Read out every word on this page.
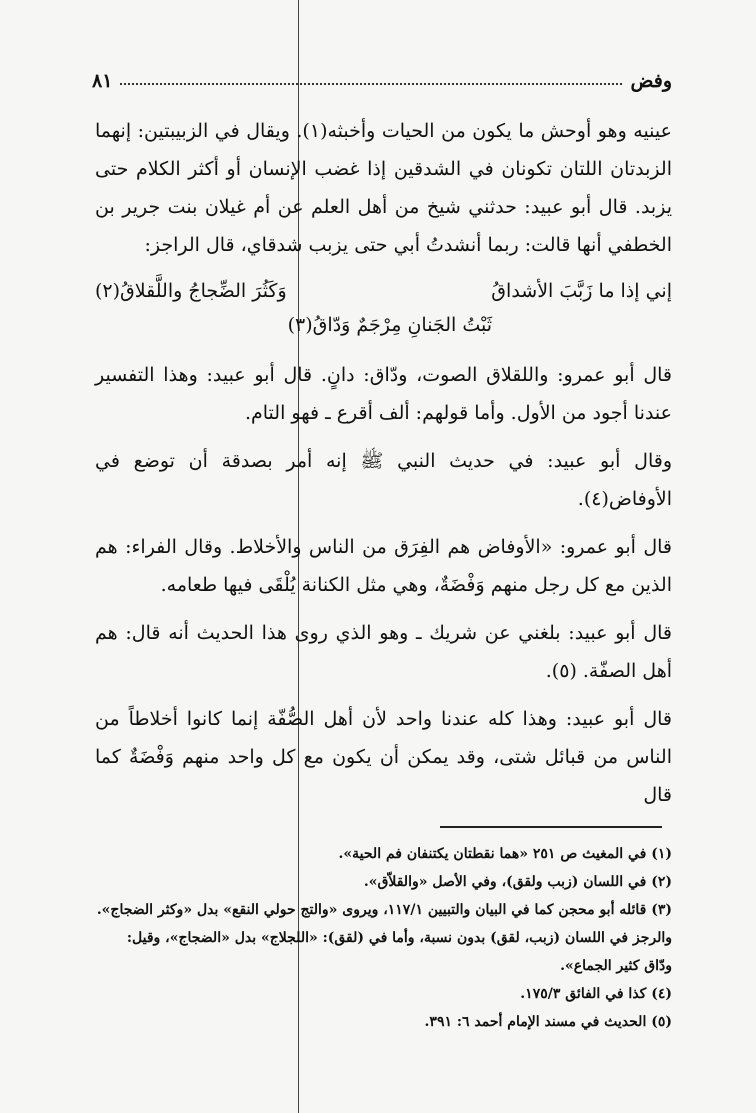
وفض
٨١

عينيه وهو أوحش ما يكون من الحيات وأخبثه(١). ويقال في الزبيبتين: إنهما الزبدتان اللتان تكونان في الشدقين إذا غضب الإنسان أو أكثر الكلام حتى يزبد. قال أبو عبيد: حدثني شيخ من أهل العلم عن أم غيلان بنت جرير بن الخطفي أنها قالت: ربما أنشدتُ أبي حتى يزبب شدقاي، قال الراجز:

إني إذا ما زَبَّبَ الأشداقُ
وَكَثُرَ الضِّجاجُ واللَّقلاقُ(٢)
ثَبْتُ الجَنانِ مِرْجَمٌ وَدّاقُ(٣)

قال أبو عمرو: واللقلاق الصوت، ودّاق: دانٍ. قال أبو عبيد: وهذا التفسير عندنا أجود من الأول. وأما قولهم: ألف أقرع ـ فهو التام.

وقال أبو عبيد: في حديث النبي ﷺ إنه أمر بصدقة أن توضع في الأوفاض(٤).

قال أبو عمرو: «الأوفاض هم الفِرَق من الناس والأخلاط. وقال الفراء: هم الذين مع كل رجل منهم وَفْضَةٌ، وهي مثل الكنانة يُلْقَى فيها طعامه.

قال أبو عبيد: بلغني عن شريك ـ وهو الذي روى هذا الحديث أنه قال: هم أهل الصفّة. (٥).

قال أبو عبيد: وهذا كله عندنا واحد لأن أهل الصُّفّة إنما كانوا أخلاطاً من الناس من قبائل شتى، وقد يمكن أن يكون مع كل واحد منهم وَفْضَةٌ كما قال

(١) في المغيث ص ٢٥١ «هما نقطتان يكتنفان فم الحية».

(٢) في اللسان (زبب ولقق)، وفي الأصل «والقلاّق».

(٣) قائله أبو محجن كما في البيان والتبيين ١١٧/١، ويروى «والتج حولي النقع» بدل «وكثر الضجاج». والرجز في اللسان (زبب، لقق) بدون نسبة، وأما في (لقق): «اللجلاج» بدل «الضجاج»، وقيل: ودّاق كثير الجماع».

(٤) كذا في الفائق ١٧٥/٣.

(٥) الحديث في مسند الإمام أحمد ٦: ٣٩١.
